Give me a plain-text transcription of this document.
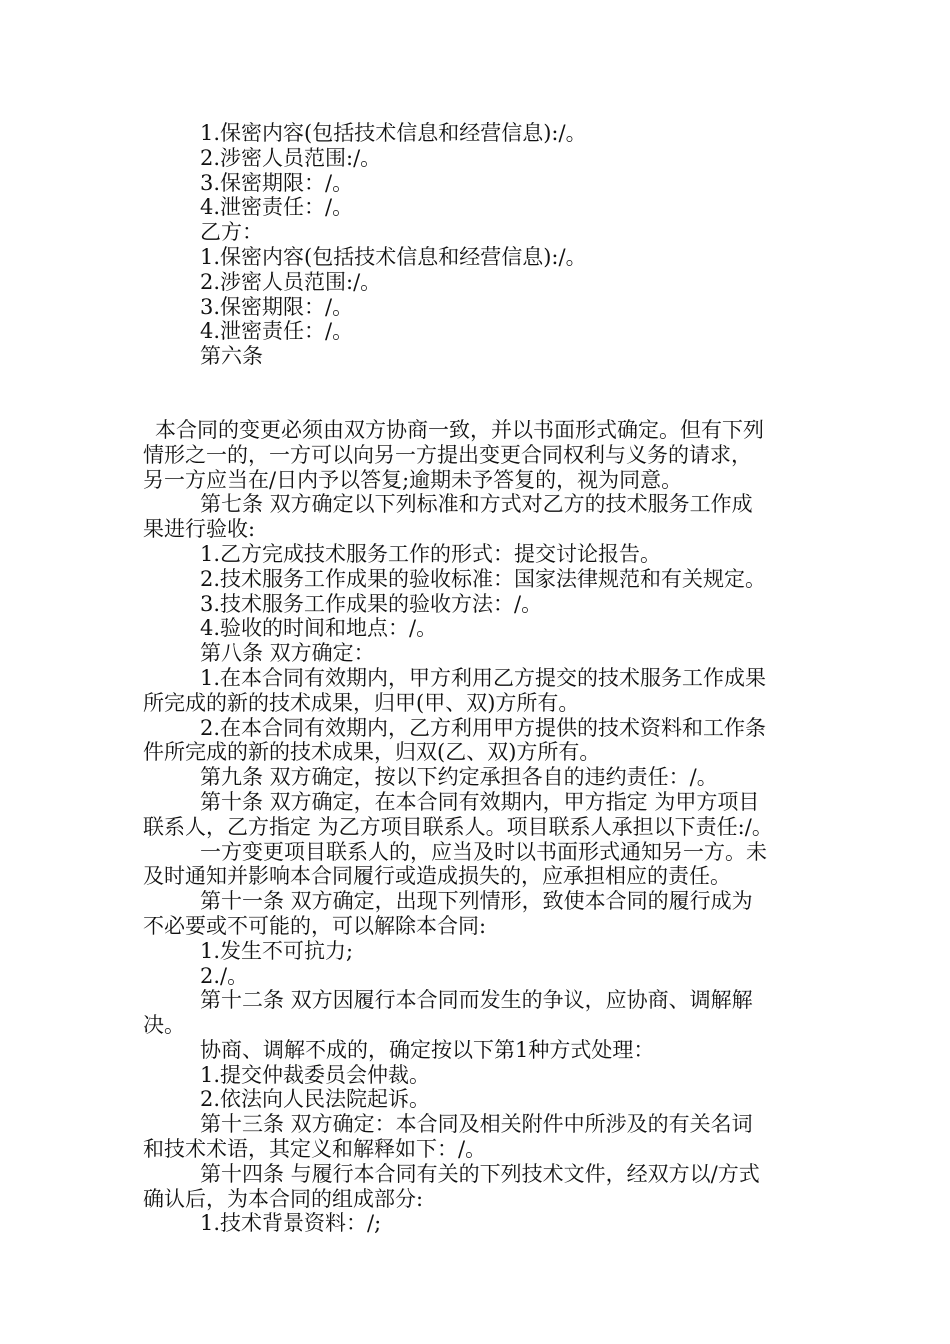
1.保密内容(包括技术信息和经营信息):/。
2.涉密人员范围:/。
3.保密期限：/。
4.泄密责任：/。
乙方：
1.保密内容(包括技术信息和经营信息):/。
2.涉密人员范围:/。
3.保密期限：/。
4.泄密责任：/。
第六条
本合同的变更必须由双方协商一致，并以书面形式确定。但有下列
情形之一的，一方可以向另一方提出变更合同权利与义务的请求，
另一方应当在/日内予以答复;逾期未予答复的，视为同意。
第七条 双方确定以下列标准和方式对乙方的技术服务工作成
果进行验收:
1.乙方完成技术服务工作的形式：提交讨论报告。
2.技术服务工作成果的验收标准：国家法律规范和有关规定。
3.技术服务工作成果的验收方法：/。
4.验收的时间和地点：/。
第八条 双方确定：
1.在本合同有效期内，甲方利用乙方提交的技术服务工作成果
所完成的新的技术成果，归甲(甲、双)方所有。
2.在本合同有效期内，乙方利用甲方提供的技术资料和工作条
件所完成的新的技术成果，归双(乙、双)方所有。
第九条 双方确定，按以下约定承担各自的违约责任：/。
第十条 双方确定，在本合同有效期内，甲方指定 为甲方项目
联系人，乙方指定 为乙方项目联系人。项目联系人承担以下责任:/。
一方变更项目联系人的，应当及时以书面形式通知另一方。未
及时通知并影响本合同履行或造成损失的，应承担相应的责任。
第十一条 双方确定，出现下列情形，致使本合同的履行成为
不必要或不可能的，可以解除本合同:
1.发生不可抗力;
2./。
第十二条 双方因履行本合同而发生的争议，应协商、调解解
决。
协商、调解不成的，确定按以下第1种方式处理：
1.提交仲裁委员会仲裁。
2.依法向人民法院起诉。
第十三条 双方确定：本合同及相关附件中所涉及的有关名词
和技术术语，其定义和解释如下：/。
第十四条 与履行本合同有关的下列技术文件，经双方以/方式
确认后，为本合同的组成部分:
1.技术背景资料：/;
